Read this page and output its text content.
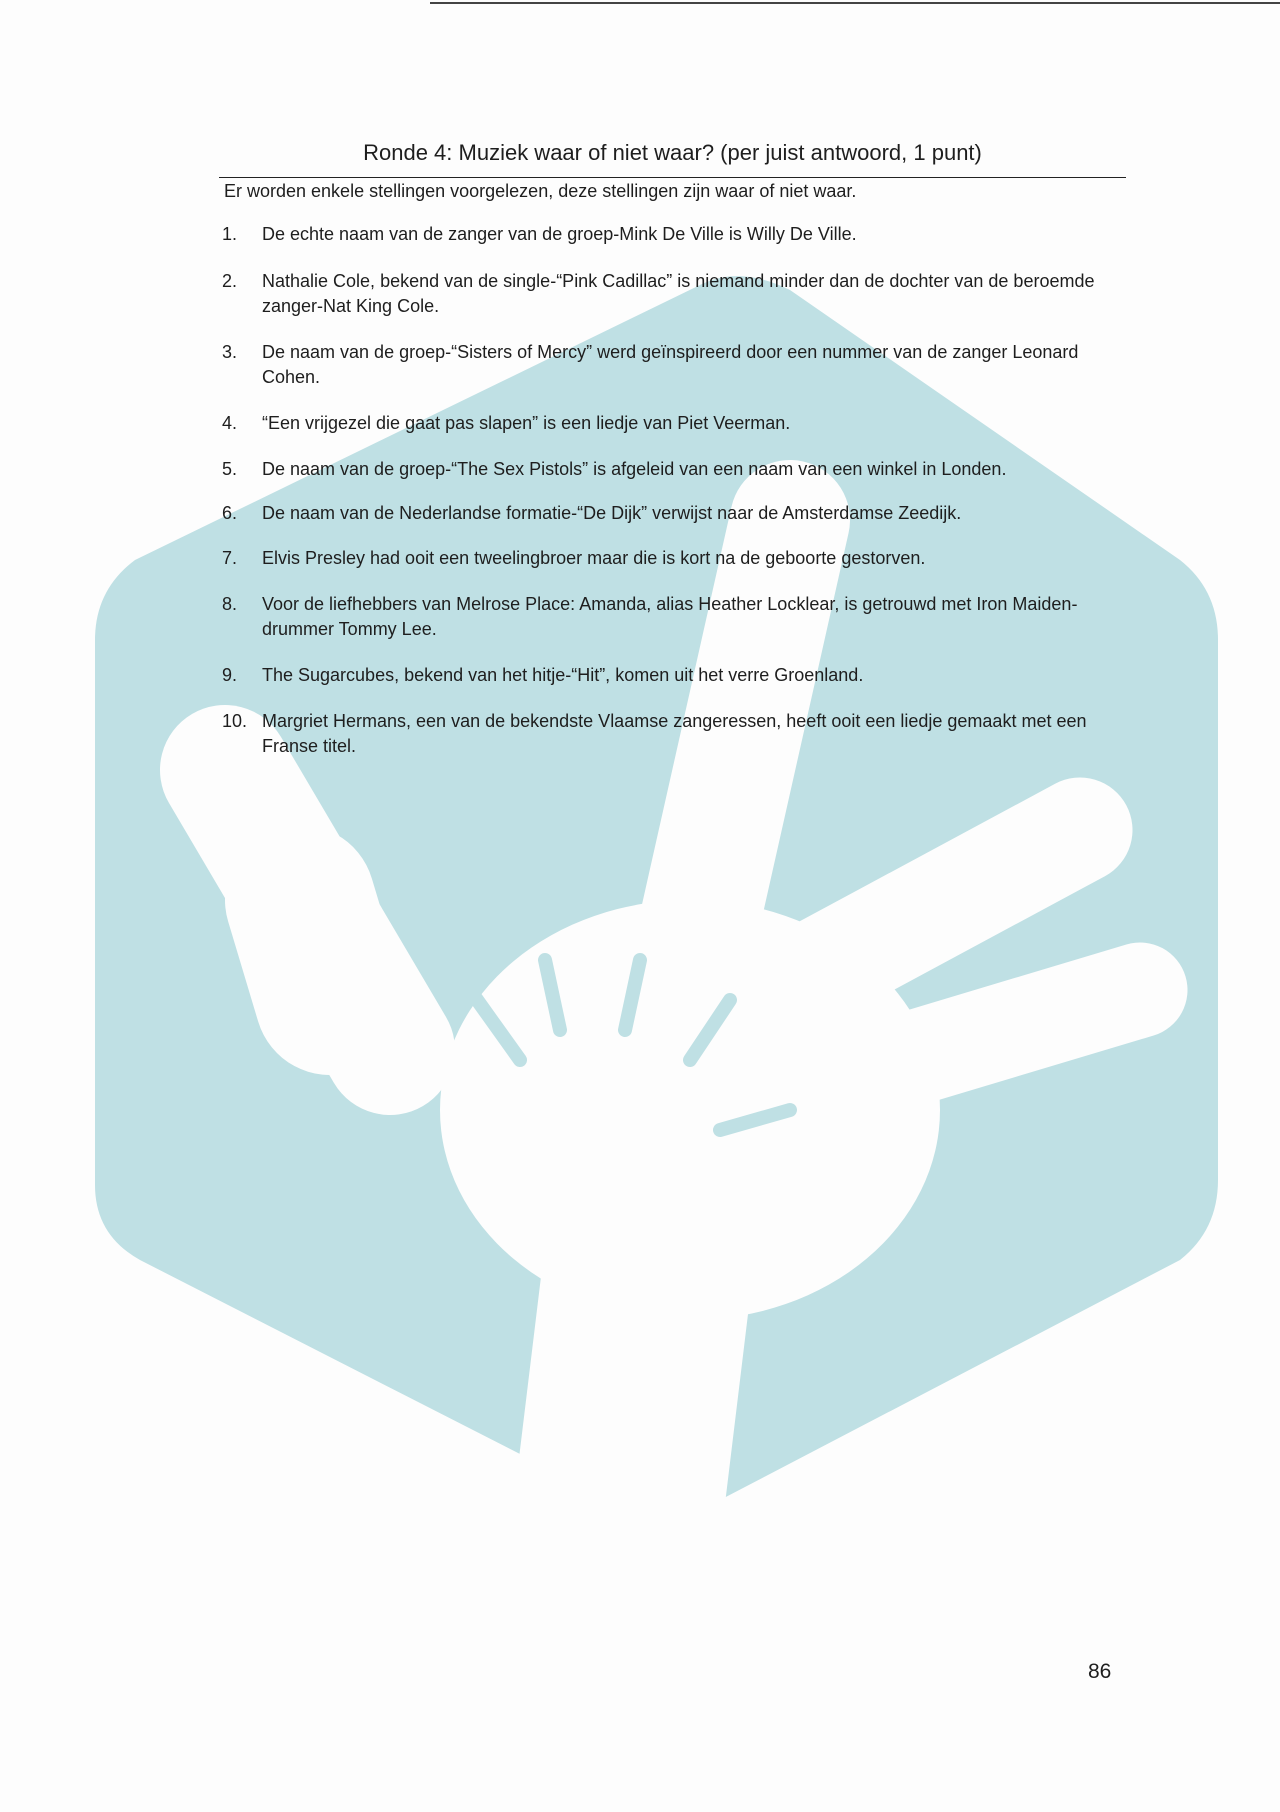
Ronde 4: Muziek waar of niet waar? (per juist antwoord, 1 punt)
Er worden enkele stellingen voorgelezen, deze stellingen zijn waar of niet waar.
1.	De echte naam van de zanger van de groep-Mink De Ville is Willy De Ville.
2.	Nathalie Cole, bekend van de single-“Pink Cadillac” is niemand minder dan de dochter van de beroemde zanger-Nat King Cole.
3.	De naam van de groep-“Sisters of Mercy” werd geïnspireerd door een nummer van de zanger Leonard Cohen.
4.	“Een vrijgezel die gaat pas slapen” is een liedje van Piet Veerman.
5.	De naam van de groep-“The Sex Pistols” is afgeleid van een naam van een winkel in Londen.
6.	De naam van de Nederlandse formatie-“De Dijk” verwijst naar de Amsterdamse Zeedijk.
7.	Elvis Presley had ooit een tweelingbroer maar die is kort na de geboorte gestorven.
8.	Voor de liefhebbers van Melrose Place: Amanda, alias Heather Locklear, is getrouwd met Iron Maiden-drummer Tommy Lee.
9.	The Sugarcubes, bekend van het hitje-“Hit”, komen uit het verre Groenland.
10. Margriet Hermans, een van de bekendste Vlaamse zangeressen, heeft ooit een liedje gemaakt met een Franse titel.
86
